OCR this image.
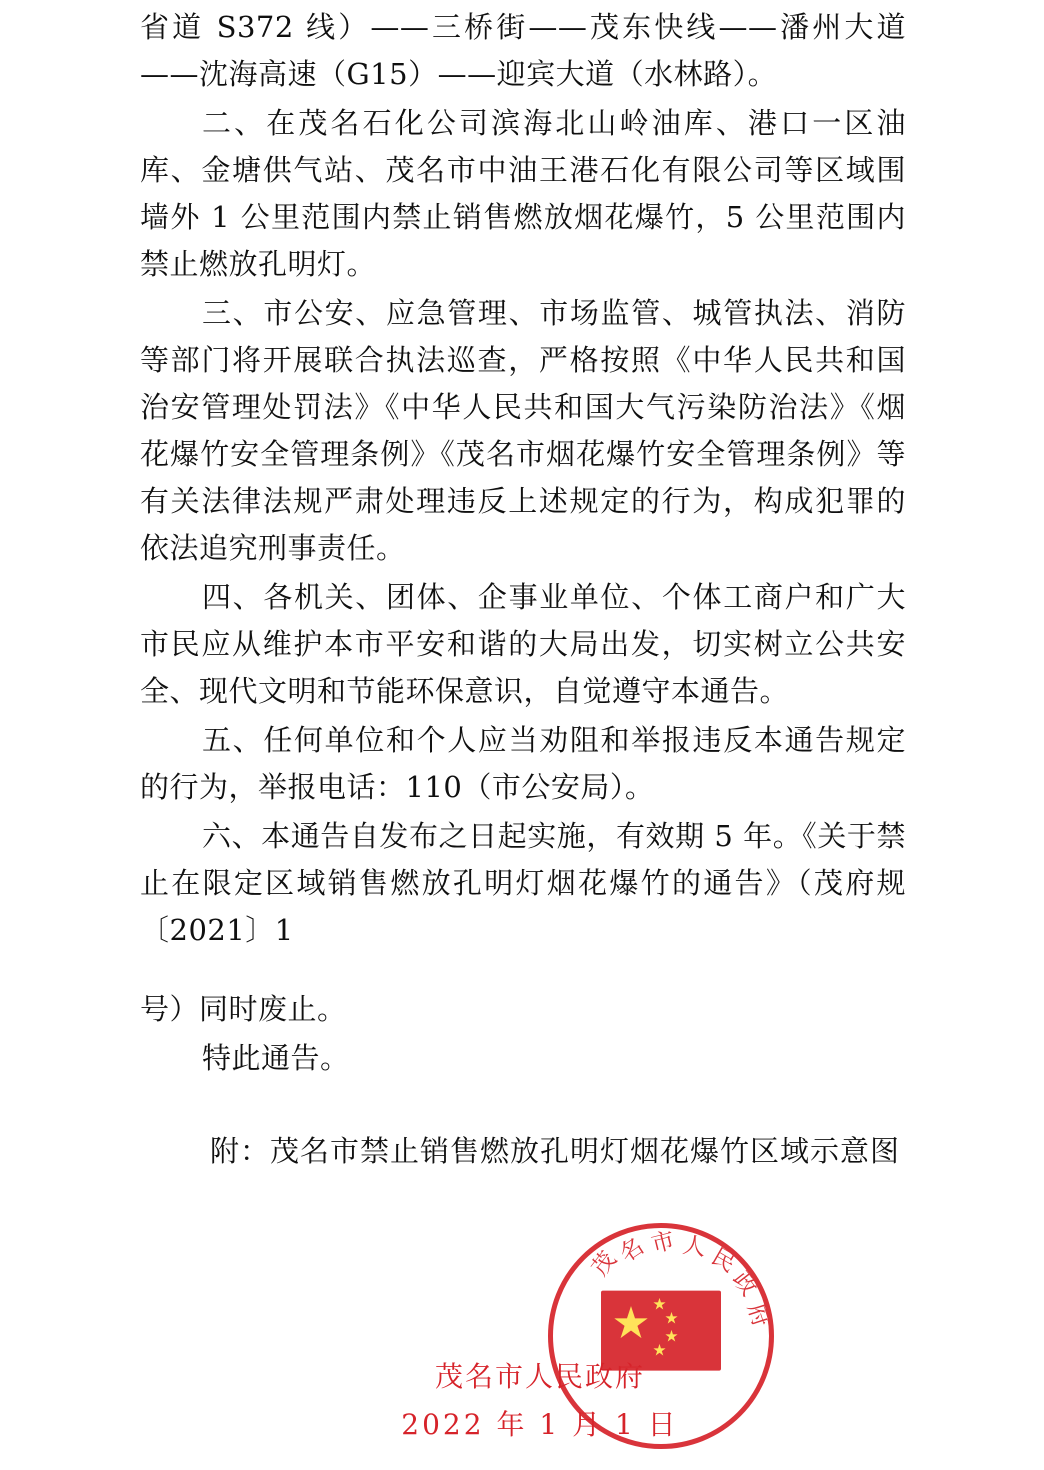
省道 S372 线）——三桥街——茂东快线——潘州大道——沈海高速（G15）——迎宾大道（水林路）。

二、在茂名石化公司滨海北山岭油库、港口一区油库、金塘供气站、茂名市中油王港石化有限公司等区域围墙外 1 公里范围内禁止销售燃放烟花爆竹，5 公里范围内禁止燃放孔明灯。

三、市公安、应急管理、市场监管、城管执法、消防等部门将开展联合执法巡查，严格按照《中华人民共和国治安管理处罚法》《中华人民共和国大气污染防治法》《烟花爆竹安全管理条例》《茂名市烟花爆竹安全管理条例》等有关法律法规严肃处理违反上述规定的行为，构成犯罪的依法追究刑事责任。

四、各机关、团体、企事业单位、个体工商户和广大市民应从维护本市平安和谐的大局出发，切实树立公共安全、现代文明和节能环保意识，自觉遵守本通告。

五、任何单位和个人应当劝阻和举报违反本通告规定的行为，举报电话：110（市公安局）。

六、本通告自发布之日起实施，有效期 5 年。《关于禁止在限定区域销售燃放孔明灯烟花爆竹的通告》（茂府规〔2021〕1

号）同时废止。

特此通告。

附：茂名市禁止销售燃放孔明灯烟花爆竹区域示意图

茂
名 市 人 民
政
府
★ ★
★
★
★
茂名市人民政府
2022 年 1 月 1 日
